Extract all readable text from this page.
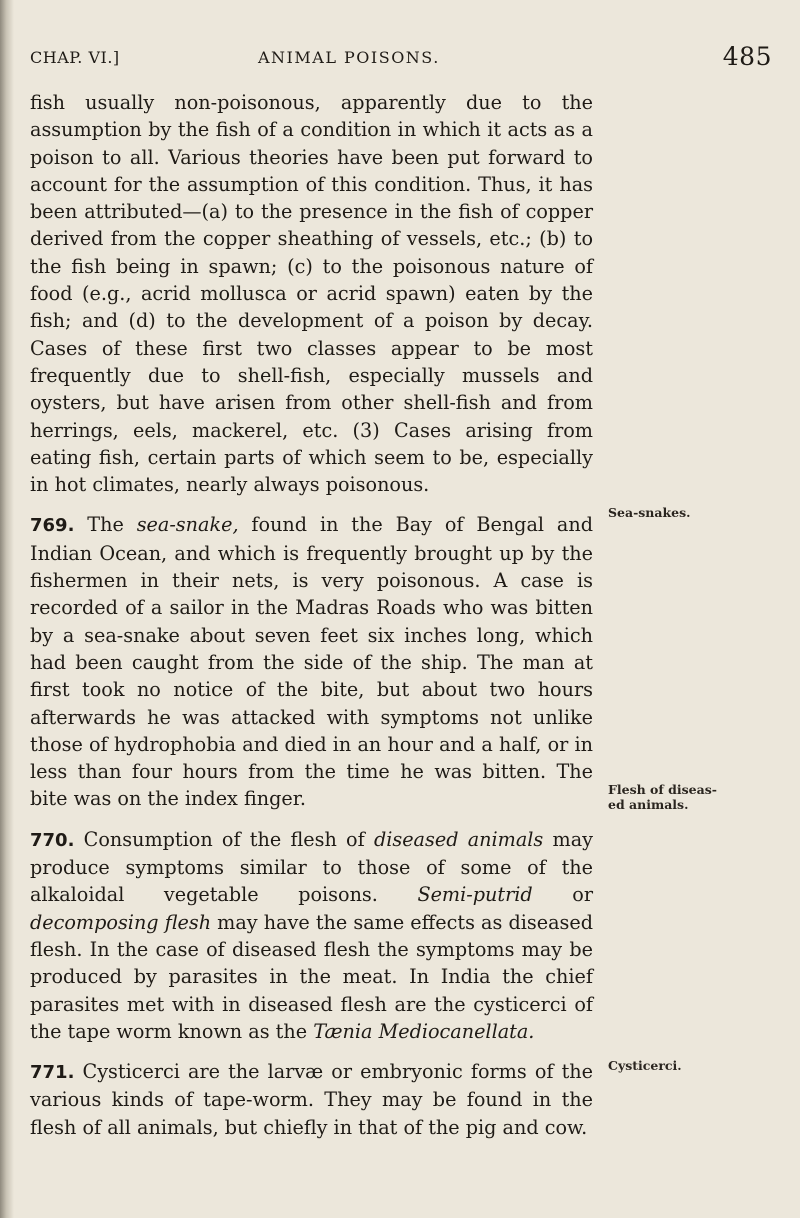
CHAP. VI.]	ANIMAL POISONS.	485

fish usually non-poisonous, apparently due to the assumption by the fish of a condition in which it acts as a poison to all. Various theories have been put forward to account for the assumption of this condition. Thus, it has been attributed—(a) to the presence in the fish of copper derived from the copper sheathing of vessels, etc.; (b) to the fish being in spawn; (c) to the poisonous nature of food (e.g., acrid mollusca or acrid spawn) eaten by the fish; and (d) to the development of a poison by decay. Cases of these first two classes appear to be most frequently due to shell-fish, especially mussels and oysters, but have arisen from other shell-fish and from herrings, eels, mackerel, etc. (3) Cases arising from eating fish, certain parts of which seem to be, especially in hot climates, nearly always poisonous.

769. The sea-snake, found in the Bay of Bengal and Indian Ocean, and which is frequently brought up by the fishermen in their nets, is very poisonous. A case is recorded of a sailor in the Madras Roads who was bitten by a sea-snake about seven feet six inches long, which had been caught from the side of the ship. The man at first took no notice of the bite, but about two hours afterwards he was attacked with symptoms not unlike those of hydrophobia and died in an hour and a half, or in less than four hours from the time he was bitten. The bite was on the index finger.

770. Consumption of the flesh of diseased animals may produce symptoms similar to those of some of the alkaloidal vegetable poisons. Semi-putrid or decomposing flesh may have the same effects as diseased flesh. In the case of diseased flesh the symptoms may be produced by parasites in the meat. In India the chief parasites met with in diseased flesh are the cysticerci of the tape worm known as the Tænia Mediocanellata.

771. Cysticerci are the larvæ or embryonic forms of the various kinds of tape-worm. They may be found in the flesh of all animals, but chiefly in that of the pig and cow.

Sea-snakes.
Flesh of diseas-
ed animals.
Cysticerci.
